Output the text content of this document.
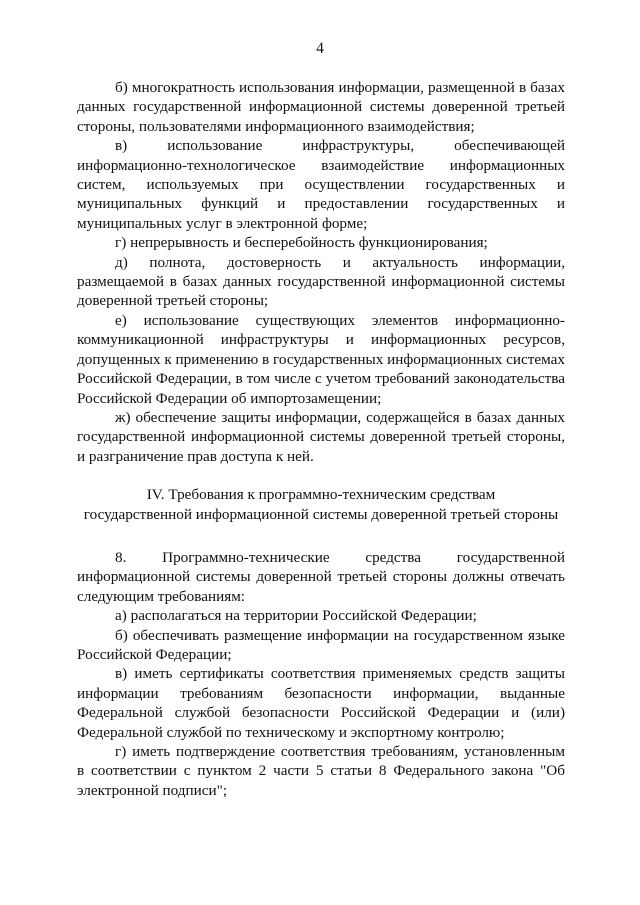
4

б) многократность использования информации, размещенной в базах данных государственной информационной системы доверенной третьей стороны, пользователями информационного взаимодействия;

в) использование инфраструктуры, обеспечивающей информационно-технологическое взаимодействие информационных систем, используемых при осуществлении государственных и муниципальных функций и предоставлении государственных и муниципальных услуг в электронной форме;

г) непрерывность и бесперебойность функционирования;

д) полнота, достоверность и актуальность информации, размещаемой в базах данных государственной информационной системы доверенной третьей стороны;

е) использование существующих элементов информационно-коммуникационной инфраструктуры и информационных ресурсов, допущенных к применению в государственных информационных системах Российской Федерации, в том числе с учетом требований законодательства Российской Федерации об импортозамещении;

ж) обеспечение защиты информации, содержащейся в базах данных государственной информационной системы доверенной третьей стороны, и разграничение прав доступа к ней.

IV. Требования к программно-техническим средствам
государственной информационной системы доверенной третьей стороны

8. Программно-технические средства государственной информационной системы доверенной третьей стороны должны отвечать следующим требованиям:

а) располагаться на территории Российской Федерации;

б) обеспечивать размещение информации на государственном языке Российской Федерации;

в) иметь сертификаты соответствия применяемых средств защиты информации требованиям безопасности информации, выданные Федеральной службой безопасности Российской Федерации и (или) Федеральной службой по техническому и экспортному контролю;

г) иметь подтверждение соответствия требованиям, установленным в соответствии с пунктом 2 части 5 статьи 8 Федерального закона "Об электронной подписи";
